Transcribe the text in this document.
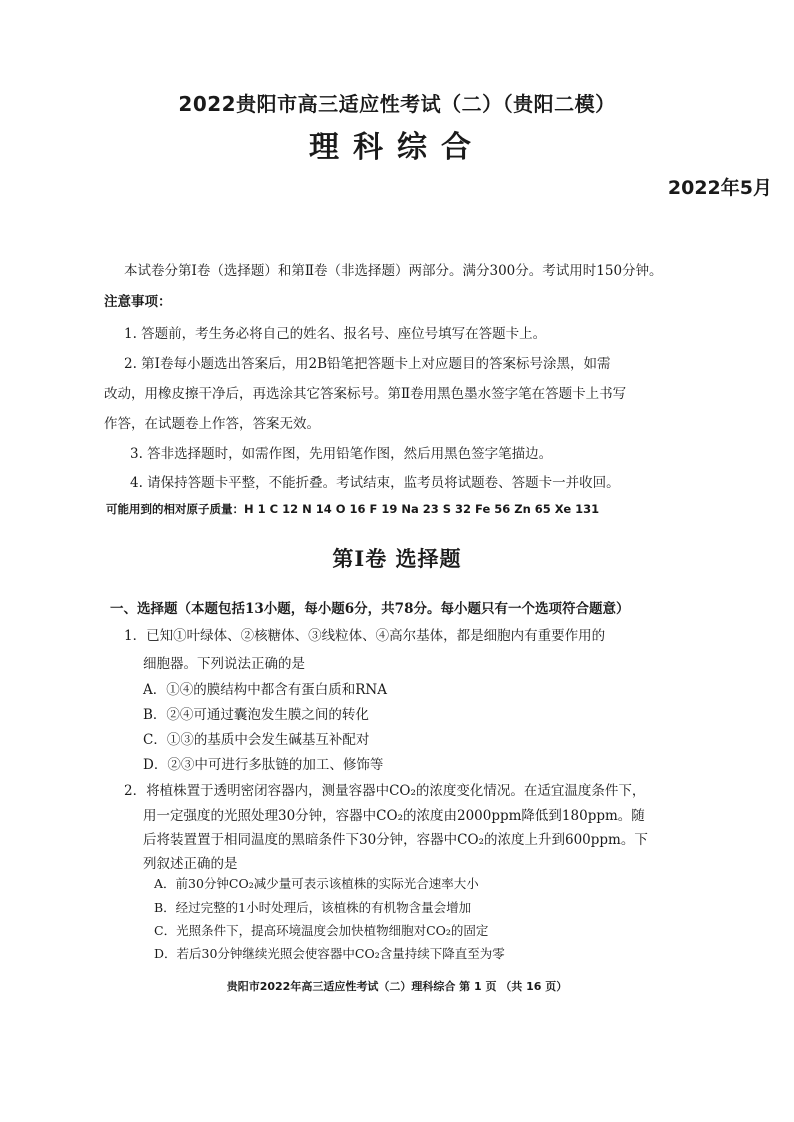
2022贵阳市高三适应性考试（二）（贵阳二模）
理科综合
2022年5月
本试卷分第Ⅰ卷（选择题）和第Ⅱ卷（非选择题）两部分。满分300分。考试用时150分钟。
注意事项：
1. 答题前，考生务必将自己的姓名、报名号、座位号填写在答题卡上。
2. 第Ⅰ卷每小题选出答案后，用2B铅笔把答题卡上对应题目的答案标号涂黑，如需
改动，用橡皮擦干净后，再选涂其它答案标号。第Ⅱ卷用黑色墨水签字笔在答题卡上书写
作答，在试题卷上作答，答案无效。
3. 答非选择题时，如需作图，先用铅笔作图，然后用黑色签字笔描边。
4. 请保持答题卡平整，不能折叠。考试结束，监考员将试题卷、答题卡一并收回。
可能用到的相对原子质量：H 1 C 12 N 14 O 16 F 19 Na 23 S 32 Fe 56 Zn 65 Xe 131
第Ⅰ卷 选择题
一、选择题（本题包括13小题，每小题6分，共78分。每小题只有一个选项符合题意）
1．已知①叶绿体、②核糖体、③线粒体、④高尔基体，都是细胞内有重要作用的
细胞器。下列说法正确的是
A．①④的膜结构中都含有蛋白质和RNA
B．②④可通过囊泡发生膜之间的转化
C．①③的基质中会发生碱基互补配对
D．②③中可进行多肽链的加工、修饰等
2．将植株置于透明密闭容器内，测量容器中CO₂的浓度变化情况。在适宜温度条件下，
用一定强度的光照处理30分钟，容器中CO₂的浓度由2000ppm降低到180ppm。随
后将装置置于相同温度的黑暗条件下30分钟，容器中CO₂的浓度上升到600ppm。下
列叙述正确的是
A．前30分钟CO₂减少量可表示该植株的实际光合速率大小
B．经过完整的1小时处理后，该植株的有机物含量会增加
C．光照条件下，提高环境温度会加快植物细胞对CO₂的固定
D．若后30分钟继续光照会使容器中CO₂含量持续下降直至为零
贵阳市2022年高三适应性考试（二）理科综合 第 1 页 （共 16 页）
